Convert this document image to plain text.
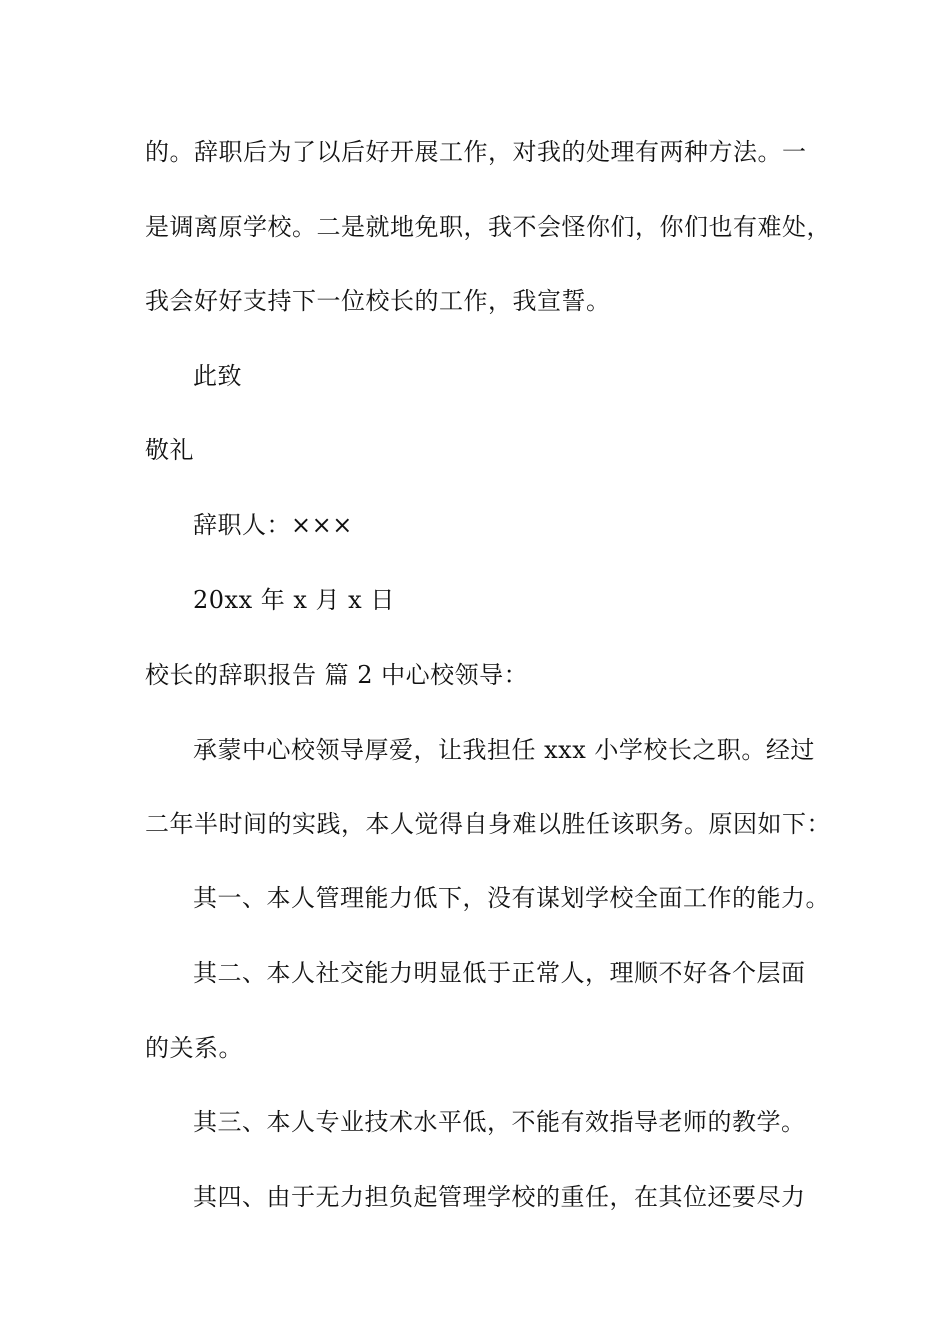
的。辞职后为了以后好开展工作，对我的处理有两种方法。一
是调离原学校。二是就地免职，我不会怪你们，你们也有难处，
我会好好支持下一位校长的工作，我宣誓。
此致
敬礼
辞职人：×××
20xx 年 x 月 x 日
校长的辞职报告 篇 2 中心校领导：
承蒙中心校领导厚爱，让我担任 xxx 小学校长之职。经过
二年半时间的实践，本人觉得自身难以胜任该职务。原因如下：
其一、本人管理能力低下，没有谋划学校全面工作的能力。
其二、本人社交能力明显低于正常人，理顺不好各个层面
的关系。
其三、本人专业技术水平低，不能有效指导老师的教学。
其四、由于无力担负起管理学校的重任，在其位还要尽力
